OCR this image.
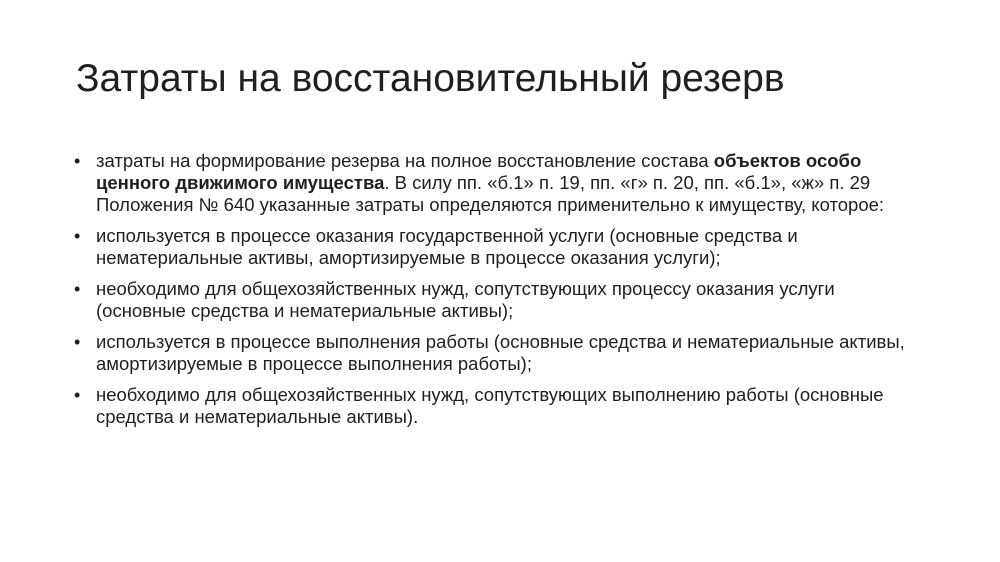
Затраты на восстановительный резерв
• затраты на формирование резерва на полное восстановление состава объектов особо ценного движимого имущества. В силу пп. «б.1» п. 19, пп. «г» п. 20, пп. «б.1», «ж» п. 29 Положения № 640 указанные затраты определяются применительно к имуществу, которое:
• используется в процессе оказания государственной услуги (основные средства и нематериальные активы, амортизируемые в процессе оказания услуги);
• необходимо для общехозяйственных нужд, сопутствующих процессу оказания услуги (основные средства и нематериальные активы);
• используется в процессе выполнения работы (основные средства и нематериальные активы, амортизируемые в процессе выполнения работы);
• необходимо для общехозяйственных нужд, сопутствующих выполнению работы (основные средства и нематериальные активы).
